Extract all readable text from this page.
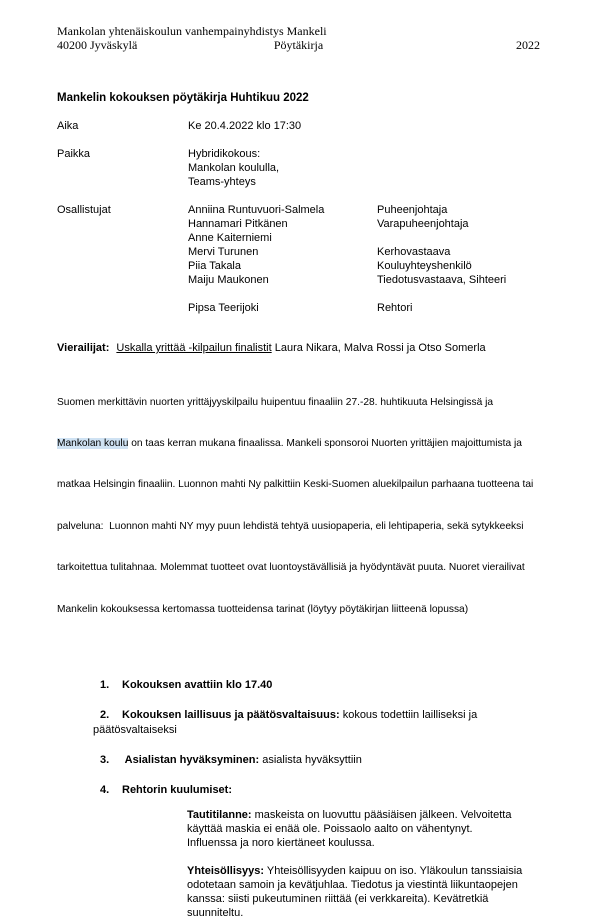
Mankolan yhtenäiskoulun vanhempainyhdistys Mankeli
40200 Jyväskylä	Pöytäkirja	2022
Mankelin kokouksen pöytäkirja Huhtikuu 2022
Aika	Ke 20.4.2022 klo 17:30
Paikka	Hybridikokous:
Mankolan koululla,
Teams-yhteys
Osallistujat	Anniina Runtuvuori-Salmela	Puheenjohtaja
Hannamari Pitkänen	Varapuheenjohtaja
Anne Kaiterniemi
Mervi Turunen	Kerhovastaava
Piia Takala	Kouluyhteyshenkilö
Maiju Maukonen	Tiedotusvastaava, Sihteeri
Pipsa Teerijoki	Rehtori
Vierailijat: Uskalla yrittää -kilpailun finalistit Laura Nikara, Malva Rossi ja Otso Somerla

Suomen merkittävin nuorten yrittäjyyskilpailu huipentuu finaaliin 27.-28. huhtikuuta Helsingissä ja

Mankolan koulu on taas kerran mukana finaalissa. Mankeli sponsoroi Nuorten yrittäjien majoittumista ja

matkaa Helsingin finaaliin. Luonnon mahti Ny palkittiin Keski-Suomen aluekilpailun parhaana tuotteena tai

palveluna:  Luonnon mahti NY myy puun lehdistä tehtyä uusiopaperia, eli lehtipaperia, sekä sytykkeeksi

tarkoitettua tulitahnaa. Molemmat tuotteet ovat luontoystävällisiä ja hyödyntävät puuta. Nuoret vierailivat

Mankelin kokouksessa kertomassa tuotteidensa tarinat (löytyy pöytäkirjan liitteenä lopussa)

1. Kokouksen avattiin klo 17.40
2. Kokouksen laillisuus ja päätösvaltaisuus: kokous todettiin lailliseksi ja päätösvaltaiseksi
3. Asialistan hyväksyminen: asialista hyväksyttiin
4. Rehtorin kuulumiset:
Tautitilanne: maskeista on luovuttu pääsiäisen jälkeen. Velvoitetta käyttää maskia ei enää ole. Poissaolo aalto on vähentynyt. Influenssa ja noro kiertäneet koulussa.
Yhteisöllisyys: Yhteisöllisyyden kaipuu on iso. Yläkoulun tanssiaisia odotetaan samoin ja kevätjuhlaa. Tiedotus ja viestintä liikuntaopejen kanssa: siisti pukeutuminen riittää (ei verkkareita). Kevätretkiä suunniteltu.
